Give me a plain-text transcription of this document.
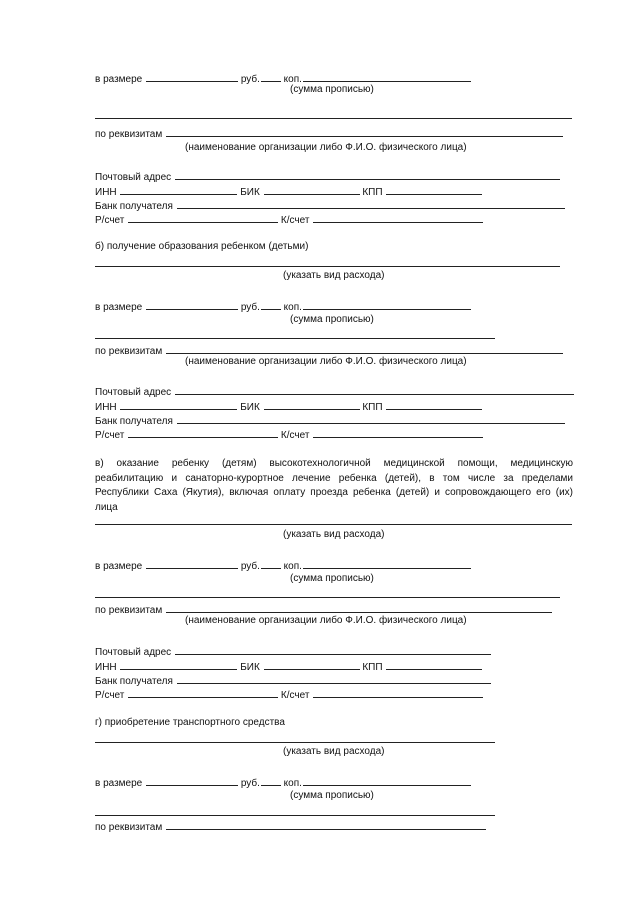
в размере	руб. коп.
(сумма прописью)
по реквизитам
(наименование организации либо Ф.И.О. физического лица)
Почтовый адрес
ИНН	БИК	КПП
Банк получателя
Р/счет	К/счет
б) получение образования ребенком (детьми)
(указать вид расхода)
в размере	руб. коп.
(сумма прописью)
по реквизитам
(наименование организации либо Ф.И.О. физического лица)
Почтовый адрес
ИНН	БИК	КПП
Банк получателя
Р/счет	К/счет
в) оказание ребенку (детям) высокотехнологичной медицинской помощи, медицинскую реабилитацию и санаторно-курортное лечение ребенка (детей), в том числе за пределами Республики Саха (Якутия), включая оплату проезда ребенка (детей) и сопровождающего его (их) лица
(указать вид расхода)
в размере	руб. коп.
(сумма прописью)
по реквизитам
(наименование организации либо Ф.И.О. физического лица)
Почтовый адрес
ИНН	БИК	КПП
Банк получателя
Р/счет	К/счет
г) приобретение транспортного средства
(указать вид расхода)
в размере	руб. коп.
(сумма прописью)
по реквизитам
